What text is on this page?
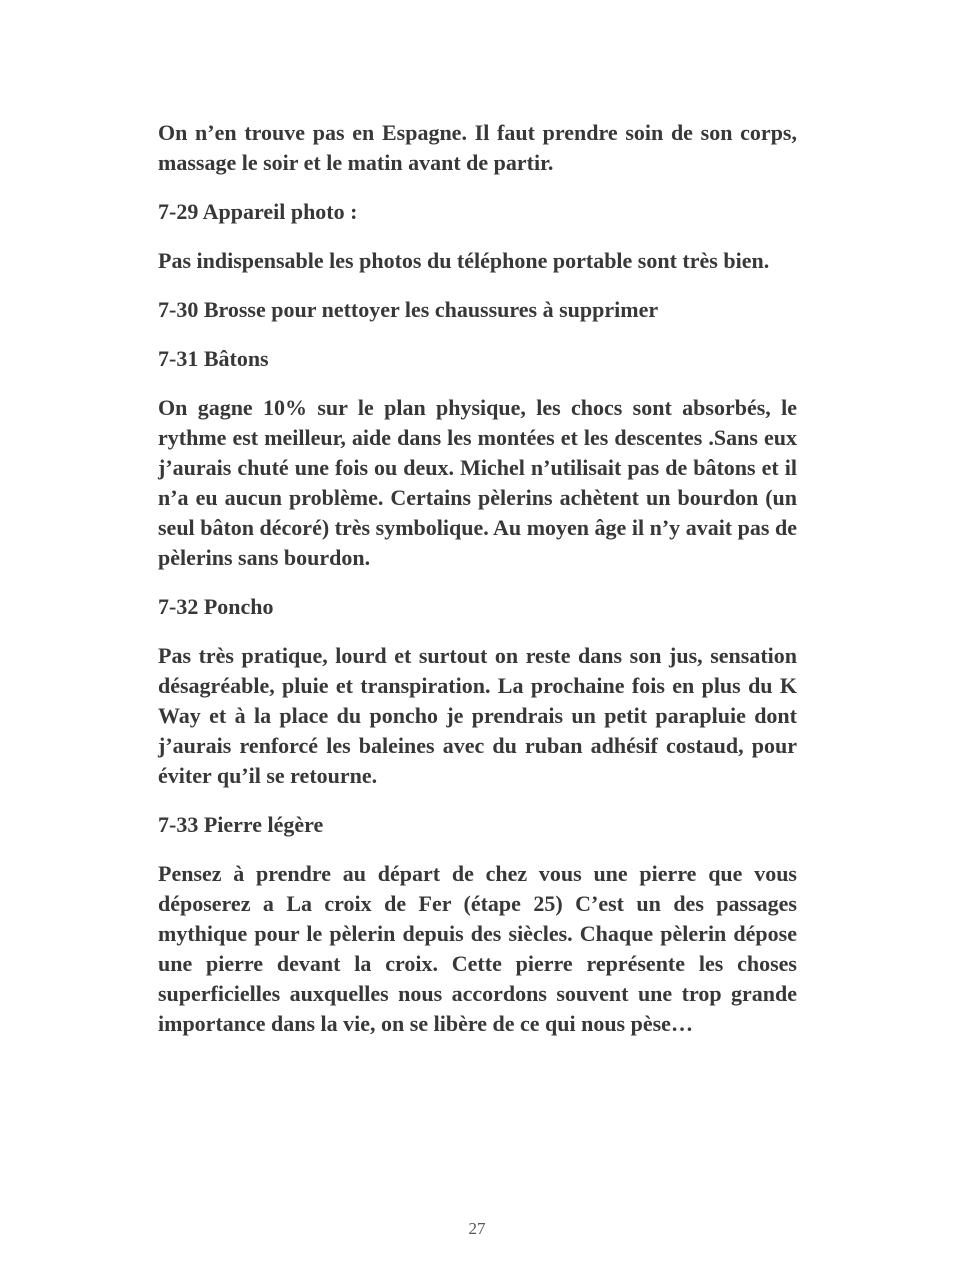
On n’en trouve pas en Espagne. Il faut prendre soin de son corps, massage le soir et le matin avant de partir.

7-29 Appareil photo :

Pas indispensable les photos du téléphone portable sont très bien.

7-30 Brosse pour nettoyer les chaussures à supprimer
7-31 Bâtons

On gagne 10% sur le plan physique, les chocs sont absorbés, le rythme est meilleur, aide dans les montées et les descentes .Sans eux j’aurais chuté une fois ou deux. Michel n’utilisait pas de bâtons et il n’a eu aucun problème. Certains pèlerins achètent un bourdon (un seul bâton décoré) très symbolique. Au moyen âge il n’y avait pas de pèlerins sans bourdon.

7-32 Poncho

Pas très pratique, lourd et surtout on reste dans son jus, sensation désagréable, pluie et transpiration. La prochaine fois en plus du K Way et à la place du poncho je prendrais un petit parapluie dont j’aurais renforcé les baleines avec du ruban adhésif costaud, pour éviter qu’il se retourne.

7-33 Pierre légère

Pensez à prendre au départ de chez vous une pierre que vous déposerez a La croix de Fer (étape 25) C’est un des passages mythique pour le pèlerin depuis des siècles. Chaque pèlerin dépose une pierre devant la croix. Cette pierre représente les choses superficielles auxquelles nous accordons souvent une trop grande importance dans la vie, on se libère de ce qui nous pèse…

27
